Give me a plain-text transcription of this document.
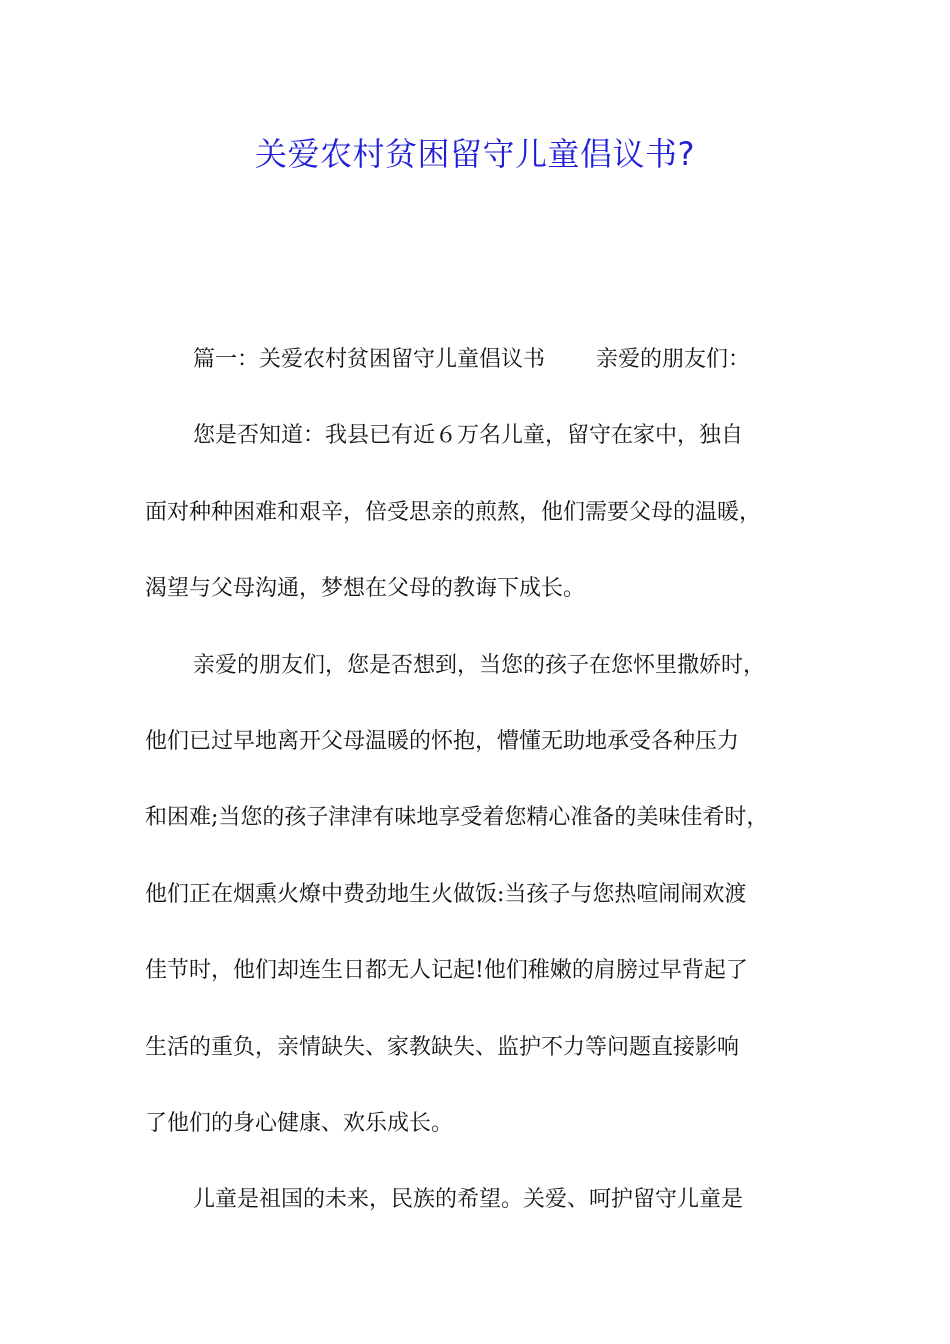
关爱农村贫困留守儿童倡议书?

篇一：关爱农村贫困留守儿童倡议书　　 亲爱的朋友们：

您是否知道：我县已有近６万名儿童，留守在家中，独自

面对种种困难和艰辛，倍受思亲的煎熬，他们需要父母的温暖，

渴望与父母沟通，梦想在父母的教诲下成长。

亲爱的朋友们，您是否想到，当您的孩子在您怀里撒娇时，

他们已过早地离开父母温暖的怀抱，懵懂无助地承受各种压力

和困难;当您的孩子津津有味地享受着您精心准备的美味佳肴时，

他们正在烟熏火燎中费劲地生火做饭:当孩子与您热喧闹闹欢渡

佳节时，他们却连生日都无人记起!他们稚嫩的肩膀过早背起了

生活的重负，亲情缺失、家教缺失、监护不力等问题直接影响

了他们的身心健康、欢乐成长。

儿童是祖国的未来，民族的希望。关爱、呵护留守儿童是
